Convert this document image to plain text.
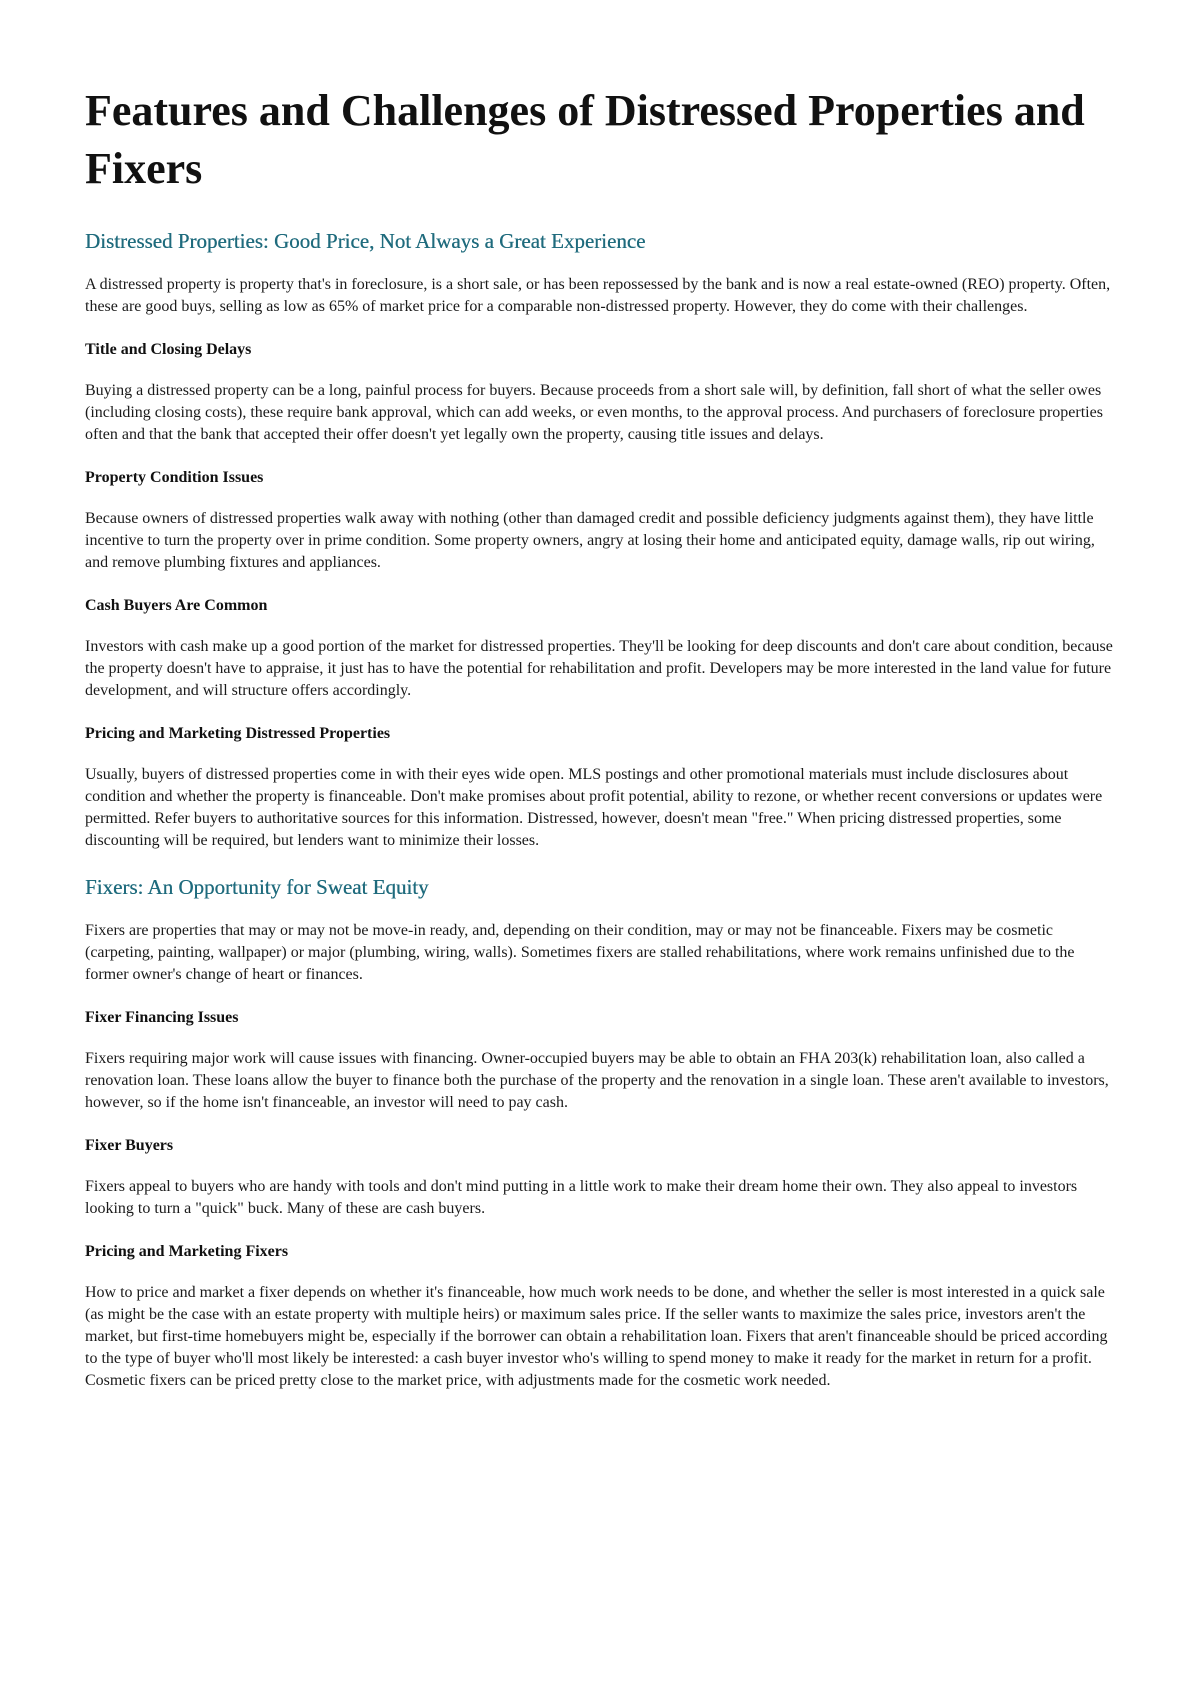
Features and Challenges of Distressed Properties and Fixers
Distressed Properties: Good Price, Not Always a Great Experience

A distressed property is property that's in foreclosure, is a short sale, or has been repossessed by the bank and is now a real estate-owned (REO) property. Often, these are good buys, selling as low as 65% of market price for a comparable non-distressed property. However, they do come with their challenges.

Title and Closing Delays

Buying a distressed property can be a long, painful process for buyers. Because proceeds from a short sale will, by definition, fall short of what the seller owes (including closing costs), these require bank approval, which can add weeks, or even months, to the approval process. And purchasers of foreclosure properties often and that the bank that accepted their offer doesn't yet legally own the property, causing title issues and delays.

Property Condition Issues

Because owners of distressed properties walk away with nothing (other than damaged credit and possible deficiency judgments against them), they have little incentive to turn the property over in prime condition. Some property owners, angry at losing their home and anticipated equity, damage walls, rip out wiring, and remove plumbing fixtures and appliances.

Cash Buyers Are Common

Investors with cash make up a good portion of the market for distressed properties. They'll be looking for deep discounts and don't care about condition, because the property doesn't have to appraise, it just has to have the potential for rehabilitation and profit. Developers may be more interested in the land value for future development, and will structure offers accordingly.

Pricing and Marketing Distressed Properties

Usually, buyers of distressed properties come in with their eyes wide open. MLS postings and other promotional materials must include disclosures about condition and whether the property is financeable. Don't make promises about profit potential, ability to rezone, or whether recent conversions or updates were permitted. Refer buyers to authoritative sources for this information. Distressed, however, doesn't mean "free." When pricing distressed properties, some discounting will be required, but lenders want to minimize their losses.

Fixers: An Opportunity for Sweat Equity

Fixers are properties that may or may not be move-in ready, and, depending on their condition, may or may not be financeable. Fixers may be cosmetic (carpeting, painting, wallpaper) or major (plumbing, wiring, walls). Sometimes fixers are stalled rehabilitations, where work remains unfinished due to the former owner's change of heart or finances.

Fixer Financing Issues

Fixers requiring major work will cause issues with financing. Owner-occupied buyers may be able to obtain an FHA 203(k) rehabilitation loan, also called a renovation loan. These loans allow the buyer to finance both the purchase of the property and the renovation in a single loan. These aren't available to investors, however, so if the home isn't financeable, an investor will need to pay cash.

Fixer Buyers

Fixers appeal to buyers who are handy with tools and don't mind putting in a little work to make their dream home their own. They also appeal to investors looking to turn a "quick" buck. Many of these are cash buyers.

Pricing and Marketing Fixers

How to price and market a fixer depends on whether it's financeable, how much work needs to be done, and whether the seller is most interested in a quick sale (as might be the case with an estate property with multiple heirs) or maximum sales price. If the seller wants to maximize the sales price, investors aren't the market, but first-time homebuyers might be, especially if the borrower can obtain a rehabilitation loan. Fixers that aren't financeable should be priced according to the type of buyer who'll most likely be interested: a cash buyer investor who's willing to spend money to make it ready for the market in return for a profit. Cosmetic fixers can be priced pretty close to the market price, with adjustments made for the cosmetic work needed.
